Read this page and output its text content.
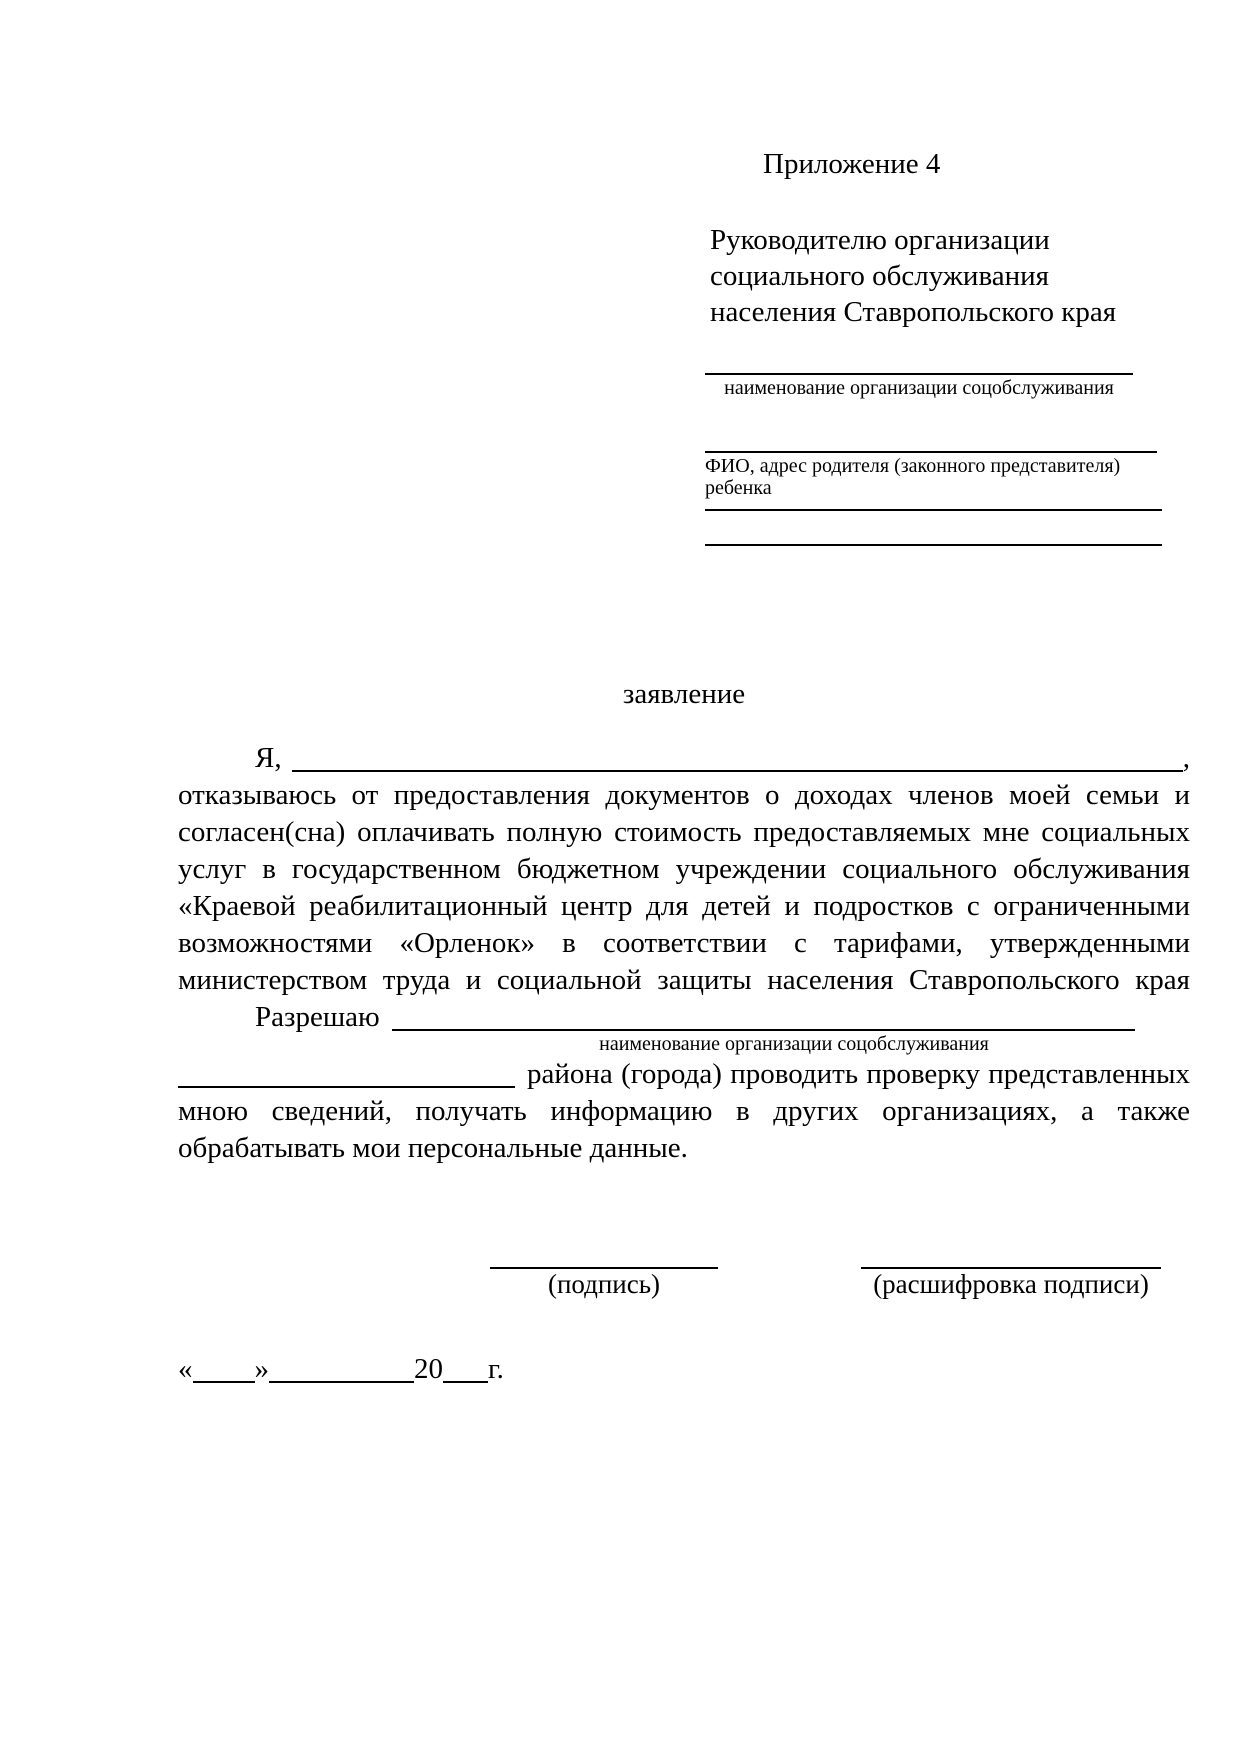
Приложение 4
Руководителю организации
социального обслуживания
населения Ставропольского края
наименование организации соцобслуживания
ФИО, адрес родителя (законного представителя) ребенка
заявление
Я,	,
отказываюсь от предоставления документов о доходах членов моей семьи и
согласен(сна) оплачивать полную стоимость предоставляемых мне социальных
услуг в государственном бюджетном учреждении социального обслуживания
«Краевой реабилитационный центр для детей и подростков с ограниченными
возможностями «Орленок» в соответствии с тарифами, утвержденными
министерством труда и социальной защиты населения Ставропольского края
Разрешаю
наименование организации соцобслуживания
района (города) проводить проверку представленных
мною сведений, получать информацию в других организациях, а также
обрабатывать мои персональные данные.
(подпись)	(расшифровка подписи)
« »	20 г.
